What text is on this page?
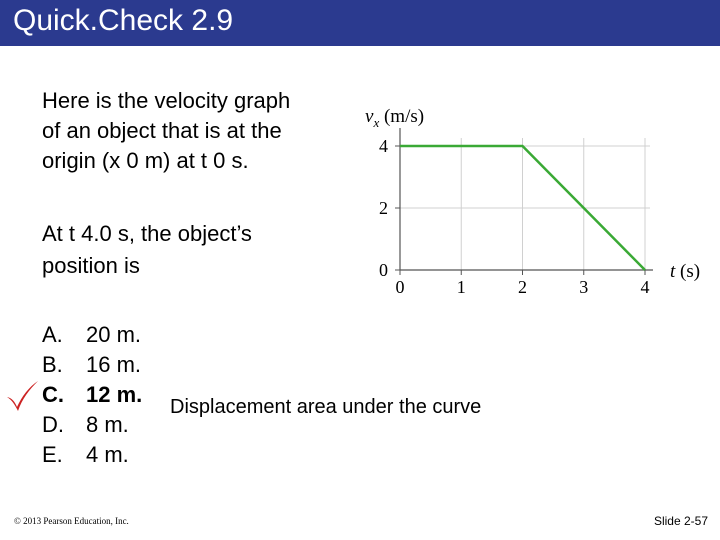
Quick.Check 2.9

Here is the velocity graph

of an object that is at the

origin (x 0 m) at t 0 s.

At t 4.0 s, the object’s

position is

A. 20 m.
B. 16 m.
C. 12 m.
D. 8 m.
E. 4 m.
Displacement area under the curve
0	1	2	3	4
0
2
4
$v_x$ (m/s)
t (s)
© 2013 Pearson Education, Inc.	Slide 2-57
